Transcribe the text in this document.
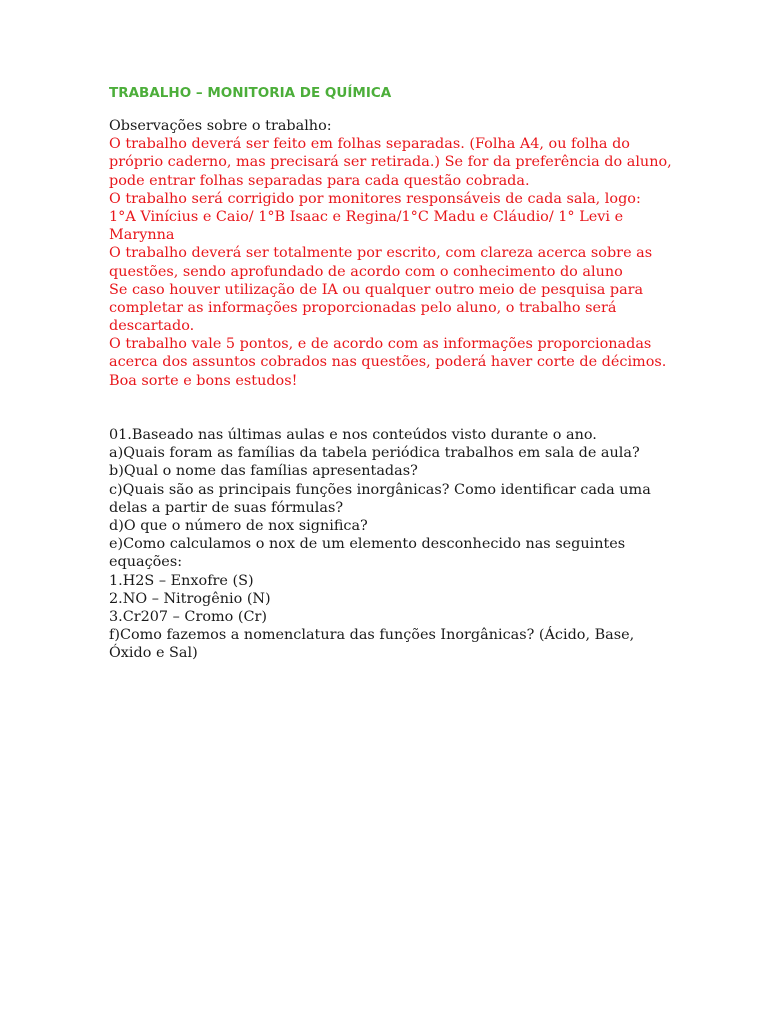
TRABALHO – MONITORIA DE QUÍMICA
Observações sobre o trabalho:
O trabalho deverá ser feito em folhas separadas. (Folha A4, ou folha do
próprio caderno, mas precisará ser retirada.) Se for da preferência do aluno,
pode entrar folhas separadas para cada questão cobrada.
O trabalho será corrigido por monitores responsáveis de cada sala, logo:
1°A Vinícius e Caio/ 1°B Isaac e Regina/1°C Madu e Cláudio/ 1° Levi e
Marynna
O trabalho deverá ser totalmente por escrito, com clareza acerca sobre as
questões, sendo aprofundado de acordo com o conhecimento do aluno
Se caso houver utilização de IA ou qualquer outro meio de pesquisa para
completar as informações proporcionadas pelo aluno, o trabalho será
descartado.
O trabalho vale 5 pontos, e de acordo com as informações proporcionadas
acerca dos assuntos cobrados nas questões, poderá haver corte de décimos.
Boa sorte e bons estudos!
01.Baseado nas últimas aulas e nos conteúdos visto durante o ano.
a)Quais foram as famílias da tabela periódica trabalhos em sala de aula?
b)Qual o nome das famílias apresentadas?
c)Quais são as principais funções inorgânicas? Como identificar cada uma
delas a partir de suas fórmulas?
d)O que o número de nox significa?
e)Como calculamos o nox de um elemento desconhecido nas seguintes
equações:
1.H2S – Enxofre (S)
2.NO – Nitrogênio (N)
3.Cr207 – Cromo (Cr)
f)Como fazemos a nomenclatura das funções Inorgânicas? (Ácido, Base,
Óxido e Sal)
